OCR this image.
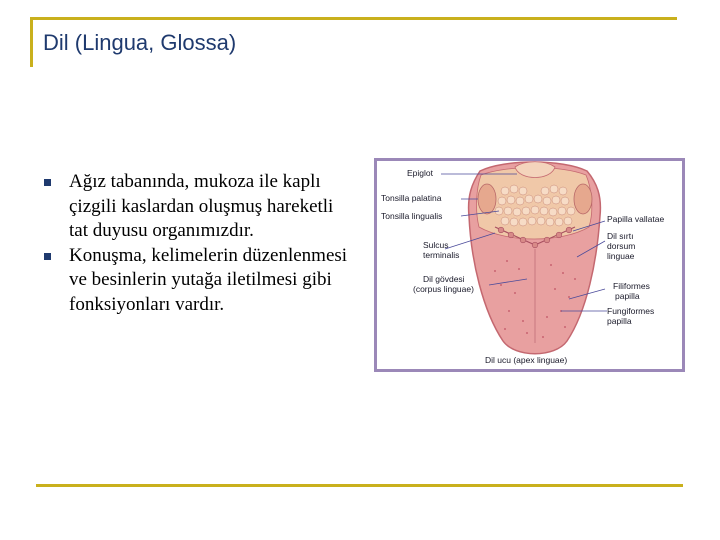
Dil (Lingua, Glossa)
Ağız tabanında, mukoza ile kaplı çizgili kaslardan oluşmuş hareketli tat duyusu organımızdır.
Konuşma, kelimelerin düzenlenmesi ve besinlerin yutağa iletilmesi gibi fonksiyonları vardır.
Epiglot
Tonsilla palatina
Tonsilla lingualis
Sulcus
terminalis
Dil gövdesi
(corpus linguae)
Dil ucu (apex linguae)
Papilla vallatae
Dil sırtı
dorsum
linguae
Filiformes
papilla
Fungiformes
papilla
